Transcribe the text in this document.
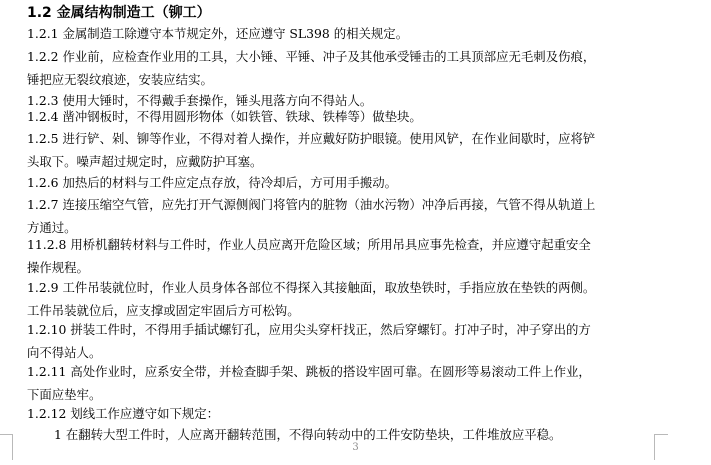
1.2 金属结构制造工（铆工）
1.2.1 金属制造工除遵守本节规定外，还应遵守 SL398 的相关规定。
1.2.2 作业前，应检查作业用的工具，大小锤、平锤、冲子及其他承受锤击的工具顶部应无毛刺及伤痕，
锤把应无裂纹痕迹，安装应结实。
1.2.3 使用大锤时，不得戴手套操作，锤头甩落方向不得站人。
1.2.4 凿冲钢板时，不得用圆形物体（如铁管、铁球、铁棒等）做垫块。
1.2.5 进行铲、剁、铆等作业，不得对着人操作，并应戴好防护眼镜。使用风铲，在作业间歇时，应将铲
头取下。噪声超过规定时，应戴防护耳塞。
1.2.6 加热后的材料与工件应定点存放，待冷却后，方可用手搬动。
1.2.7 连接压缩空气管，应先打开气源侧阀门将管内的脏物（油水污物）冲净后再接，气管不得从轨道上
方通过。
11.2.8 用桥机翻转材料与工件时，作业人员应离开危险区域；所用吊具应事先检查，并应遵守起重安全
操作规程。
1.2.9 工件吊装就位时，作业人员身体各部位不得探入其接触面，取放垫铁时，手指应放在垫铁的两侧。
工件吊装就位后，应支撑或固定牢固后方可松钩。
1.2.10 拼装工件时，不得用手插试螺钉孔，应用尖头穿杆找正，然后穿螺钉。打冲子时，冲子穿出的方
向不得站人。
1.2.11 高处作业时，应系安全带，并检查脚手架、跳板的搭设牢固可靠。在圆形等易滚动工件上作业，
下面应垫牢。
1.2.12 划线工作应遵守如下规定：
1 在翻转大型工件时，人应离开翻转范围，不得向转动中的工件安防垫块，工件堆放应平稳。
3
